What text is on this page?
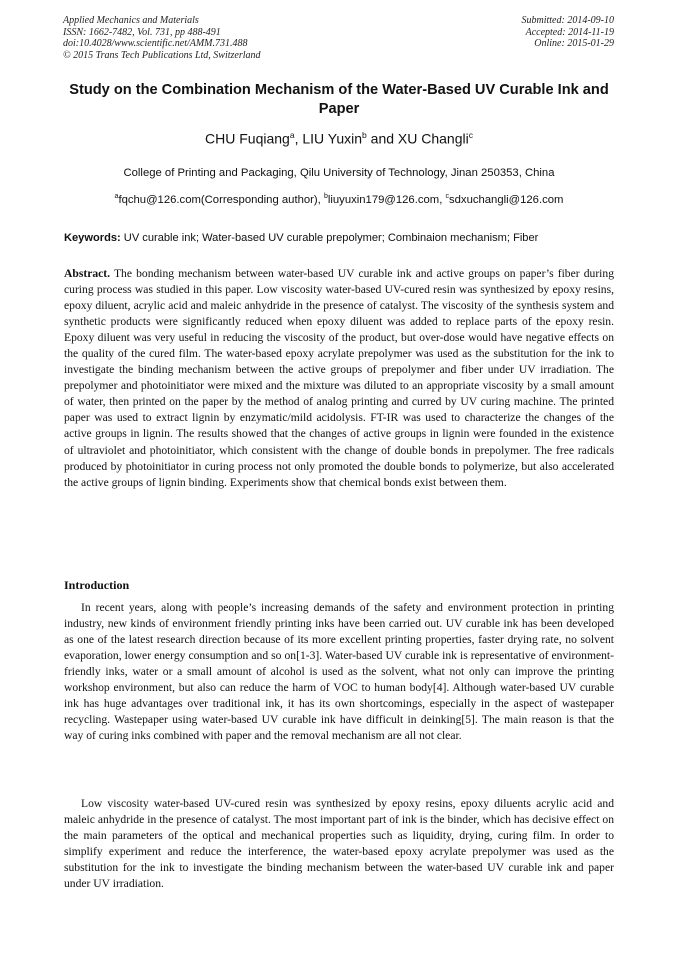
Applied Mechanics and Materials
ISSN: 1662-7482, Vol. 731, pp 488-491
doi:10.4028/www.scientific.net/AMM.731.488
© 2015 Trans Tech Publications Ltd, Switzerland
Submitted: 2014-09-10
Accepted: 2014-11-19
Online: 2015-01-29
Study on the Combination Mechanism of the Water-Based UV Curable Ink and Paper
CHU Fuqiang$^a$, LIU Yuxin$^b$ and XU Changli$^c$
College of Printing and Packaging, Qilu University of Technology, Jinan 250353, China
$^a$fqchu@126.com(Corresponding author), $^b$liuyuxin179@126.com, $^c$sdxuchangli@126.com
Keywords: UV curable ink; Water-based UV curable prepolymer; Combinaion mechanism; Fiber
Abstract. The bonding mechanism between water-based UV curable ink and active groups on paper’s fiber during curing process was studied in this paper. Low viscosity water-based UV-cured resin was synthesized by epoxy resins, epoxy diluent, acrylic acid and maleic anhydride in the presence of catalyst. The viscosity of the synthesis system and synthetic products were significantly reduced when epoxy diluent was added to replace parts of the epoxy resin. Epoxy diluent was very useful in reducing the viscosity of the product, but over-dose would have negative effects on the quality of the cured film. The water-based epoxy acrylate prepolymer was used as the substitution for the ink to investigate the binding mechanism between the active groups of prepolymer and fiber under UV irradiation. The prepolymer and photoinitiator were mixed and the mixture was diluted to an appropriate viscosity by a small amount of water, then printed on the paper by the method of analog printing and curred by UV curing machine. The printed paper was used to extract lignin by enzymatic/mild acidolysis. FT-IR was used to characterize the changes of the active groups in lignin. The results showed that the changes of active groups in lignin were founded in the existence of ultraviolet and photoinitiator, which consistent with the change of double bonds in prepolymer. The free radicals produced by photoinitiator in curing process not only promoted the double bonds to polymerize, but also accelerated the active groups of lignin binding. Experiments show that chemical bonds exist between them.
Introduction
In recent years, along with people’s increasing demands of the safety and environment protection in printing industry, new kinds of environment friendly printing inks have been carried out. UV curable ink has been developed as one of the latest research direction because of its more excellent printing properties, faster drying rate, no solvent evaporation, lower energy consumption and so on[1-3]. Water-based UV curable ink is representative of environment-friendly inks, water or a small amount of alcohol is used as the solvent, what not only can improve the printing workshop environment, but also can reduce the harm of VOC to human body[4]. Although water-based UV curable ink has huge advantages over traditional ink, it has its own shortcomings, especially in the aspect of wastepaper recycling. Wastepaper using water-based UV curable ink have difficult in deinking[5]. The main reason is that the way of curing inks combined with paper and the removal mechanism are all not clear.
Low viscosity water-based UV-cured resin was synthesized by epoxy resins, epoxy diluents acrylic acid and maleic anhydride in the presence of catalyst. The most important part of ink is the binder, which has decisive effect on the main parameters of the optical and mechanical properties such as liquidity, drying, curing film. In order to simplify experiment and reduce the interference, the water-based epoxy acrylate prepolymer was used as the substitution for the ink to investigate the binding mechanism between the water-based UV curable ink and paper under UV irradiation.
